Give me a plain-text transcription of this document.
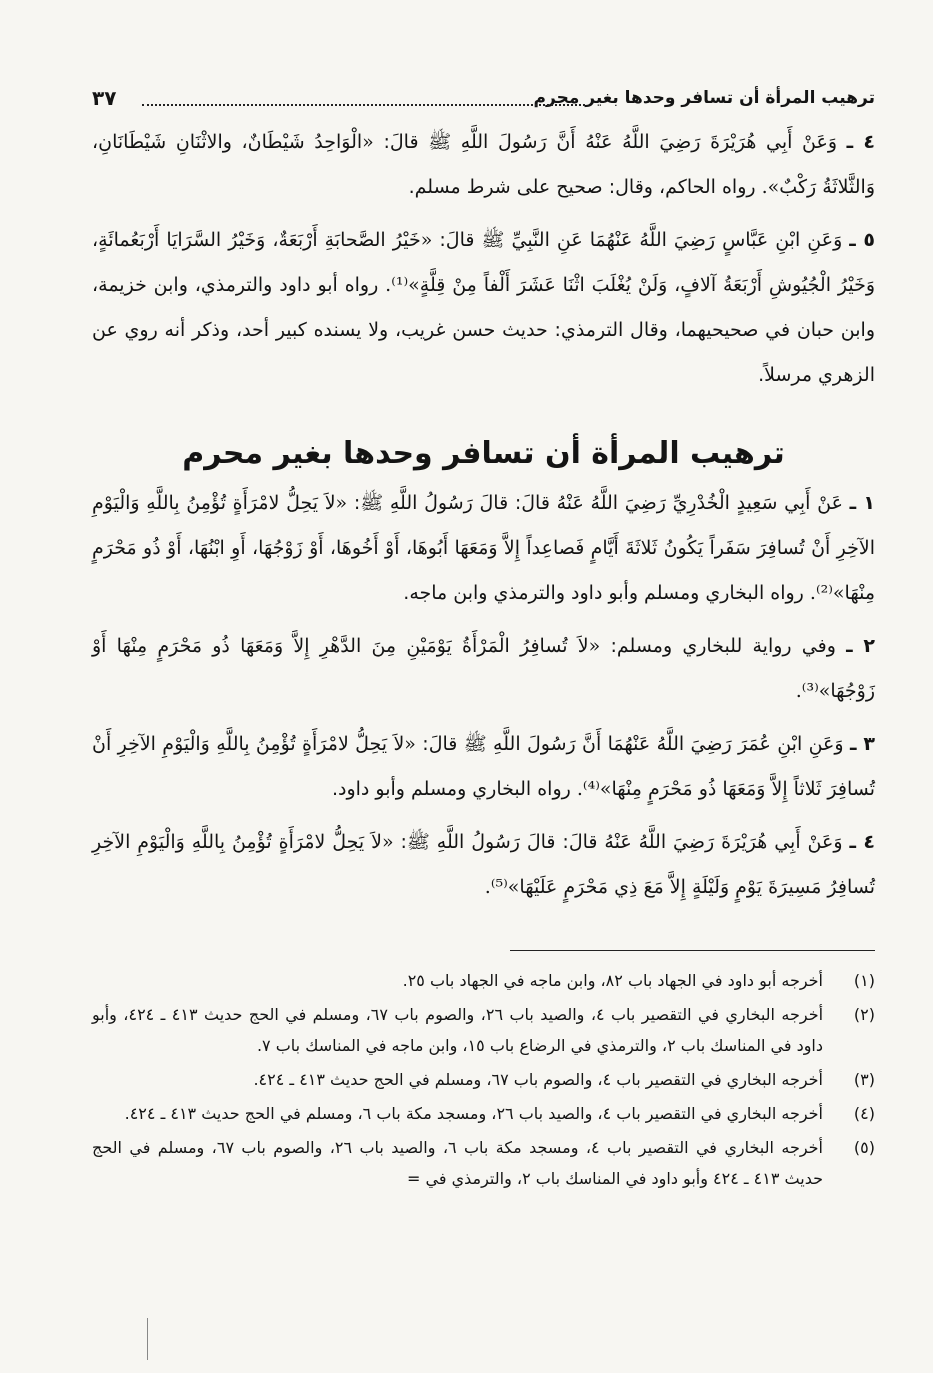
ترهيب المرأة أن تسافر وحدها بغير محرم
٣٧

٤ ـ وَعَنْ أَبِي هُرَيْرَةَ رَضِيَ اللَّهُ عَنْهُ أَنَّ رَسُولَ اللَّهِ ﷺ قالَ: «الْوَاحِدُ شَيْطَانٌ، والاثْنَانِ شَيْطَانَانِ، وَالثَّلاثَةُ رَكْبٌ». رواه الحاكم، وقال: صحيح على شرط مسلم.

٥ ـ وَعَنِ ابْنِ عَبَّاسٍ رَضِيَ اللَّهُ عَنْهُمَا عَنِ النَّبِيِّ ﷺ قالَ: «خَيْرُ الصَّحابَةِ أَرْبَعَةٌ، وَخَيْرُ السَّرَايَا أَرْبَعُمائَةٍ، وَخَيْرُ الْجُيُوشِ أَرْبَعَةُ آلافٍ، وَلَنْ يُغْلَبَ اثْنَا عَشَرَ أَلْفاً مِنْ قِلَّةٍ»⁽¹⁾. رواه أبو داود والترمذي، وابن خزيمة، وابن حبان في صحيحيهما، وقال الترمذي: حديث حسن غريب، ولا يسنده كبير أحد، وذكر أنه روي عن الزهري مرسلاً.

ترهيب المرأة أن تسافر وحدها بغير محرم

١ ـ عَنْ أَبِي سَعِيدٍ الْخُدْرِيِّ رَضِيَ اللَّهُ عَنْهُ قالَ: قالَ رَسُولُ اللَّهِ ﷺ: «لاَ يَحِلُّ لامْرَأَةٍ تُؤْمِنُ بِاللَّهِ وَالْيَوْمِ الآخِرِ أَنْ تُسافِرَ سَفَراً يَكُونُ ثَلاثَةَ أَيَّامٍ فَصاعِداً إِلاَّ وَمَعَهَا أَبُوهَا، أَوْ أَخُوهَا، أَوْ زَوْجُهَا، أَوِ ابْنُهَا، أَوْ ذُو مَحْرَمٍ مِنْهَا»⁽²⁾. رواه البخاري ومسلم وأبو داود والترمذي وابن ماجه.

٢ ـ وفي رواية للبخاري ومسلم: «لاَ تُسافِرُ الْمَرْأَةُ يَوْمَيْنِ مِنَ الدَّهْرِ إِلاَّ وَمَعَهَا ذُو مَحْرَمٍ مِنْهَا أَوْ زَوْجُهَا»⁽³⁾.

٣ ـ وَعَنِ ابْنِ عُمَرَ رَضِيَ اللَّهُ عَنْهُمَا أَنَّ رَسُولَ اللَّهِ ﷺ قالَ: «لاَ يَحِلُّ لامْرَأَةٍ تُؤْمِنُ بِاللَّهِ وَالْيَوْمِ الآخِرِ أَنْ تُسافِرَ ثَلاثاً إِلاَّ وَمَعَهَا ذُو مَحْرَمٍ مِنْهَا»⁽⁴⁾. رواه البخاري ومسلم وأبو داود.

٤ ـ وَعَنْ أَبِي هُرَيْرَةَ رَضِيَ اللَّهُ عَنْهُ قالَ: قالَ رَسُولُ اللَّهِ ﷺ: «لاَ يَحِلُّ لامْرَأَةٍ تُؤْمِنُ بِاللَّهِ وَالْيَوْمِ الآخِرِ تُسافِرُ مَسِيرَةَ يَوْمٍ وَلَيْلَةٍ إِلاَّ مَعَ ذِي مَحْرَمٍ عَلَيْهَا»⁽⁵⁾.

(١)
أخرجه أبو داود في الجهاد باب ٨٢، وابن ماجه في الجهاد باب ٢٥.
(٢)
أخرجه البخاري في التقصير باب ٤، والصيد باب ٢٦، والصوم باب ٦٧، ومسلم في الحج حديث ٤١٣ ـ ٤٢٤، وأبو داود في المناسك باب ٢، والترمذي في الرضاع باب ١٥، وابن ماجه في المناسك باب ٧.
(٣)
أخرجه البخاري في التقصير باب ٤، والصوم باب ٦٧، ومسلم في الحج حديث ٤١٣ ـ ٤٢٤.
(٤)
أخرجه البخاري في التقصير باب ٤، والصيد باب ٢٦، ومسجد مكة باب ٦، ومسلم في الحج حديث ٤١٣ ـ ٤٢٤.
(٥)
أخرجه البخاري في التقصير باب ٤، ومسجد مكة باب ٦، والصيد باب ٢٦، والصوم باب ٦٧، ومسلم في الحج حديث ٤١٣ ـ ٤٢٤ وأبو داود في المناسك باب ٢، والترمذي في =
